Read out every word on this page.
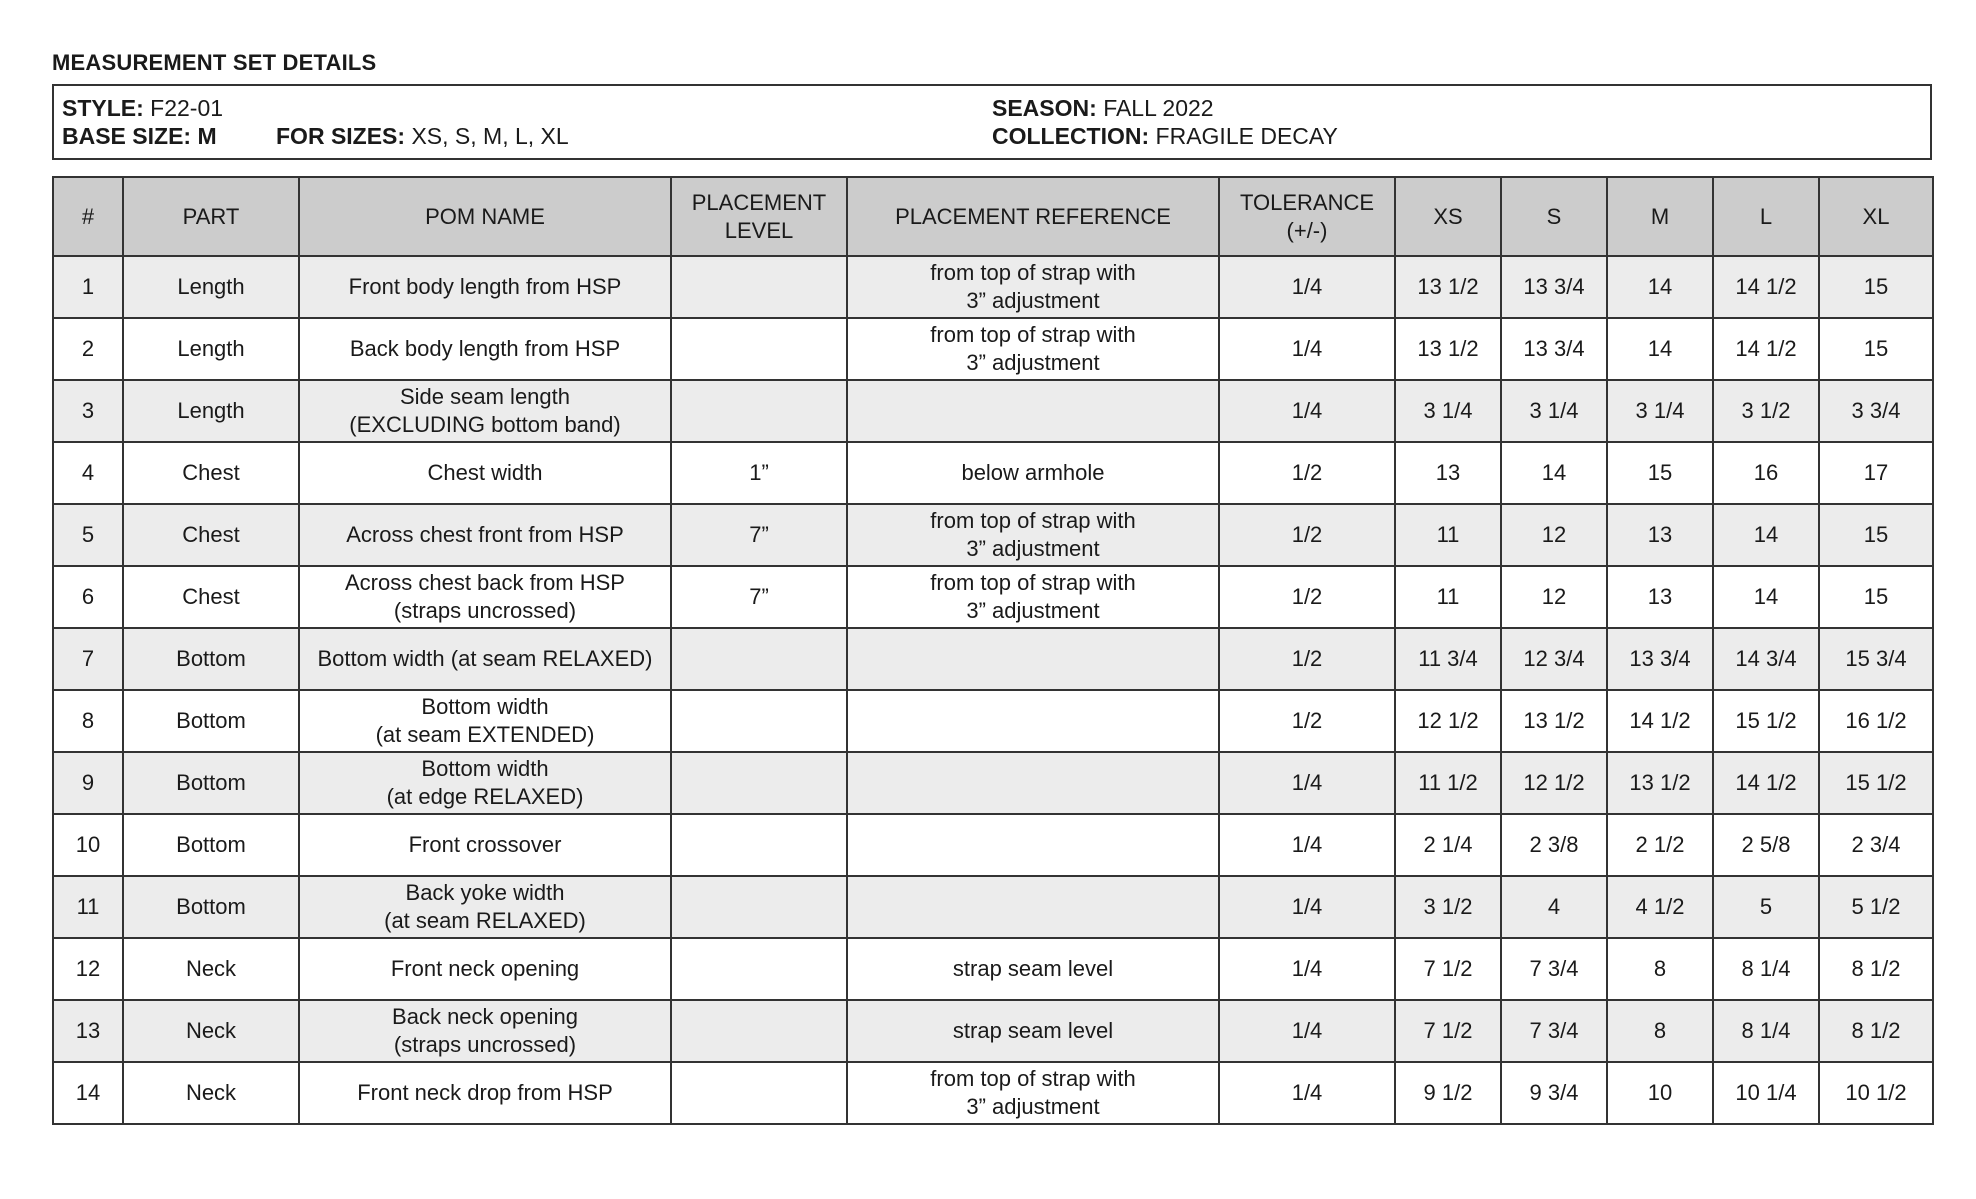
MEASUREMENT SET DETAILS
STYLE: F22-01
BASE SIZE: M	FOR SIZES: XS, S, M, L, XL
SEASON: FALL 2022
COLLECTION: FRAGILE DECAY
#	PART	POM NAME	PLACEMENT
LEVEL	PLACEMENT REFERENCE	TOLERANCE
(+/-)	XS	S	M	L	XL

1	Length	Front body length from HSP		from top of strap with
3” adjustment	1/4	13 1/2	13 3/4	14	14 1/2	15
2	Length	Back body length from HSP		from top of strap with
3” adjustment	1/4	13 1/2	13 3/4	14	14 1/2	15
3	Length	Side seam length
(EXCLUDING bottom band)			1/4	3 1/4	3 1/4	3 1/4	3 1/2	3 3/4
4	Chest	Chest width	1”	below armhole	1/2	13	14	15	16	17
5	Chest	Across chest front from HSP	7”	from top of strap with
3” adjustment	1/2	11	12	13	14	15
6	Chest	Across chest back from HSP
(straps uncrossed)	7”	from top of strap with
3” adjustment	1/2	11	12	13	14	15
7	Bottom	Bottom width (at seam RELAXED)			1/2	11 3/4	12 3/4	13 3/4	14 3/4	15 3/4
8	Bottom	Bottom width
(at seam EXTENDED)			1/2	12 1/2	13 1/2	14 1/2	15 1/2	16 1/2
9	Bottom	Bottom width
(at edge RELAXED)			1/4	11 1/2	12 1/2	13 1/2	14 1/2	15 1/2
10	Bottom	Front crossover			1/4	2 1/4	2 3/8	2 1/2	2 5/8	2 3/4
11	Bottom	Back yoke width
(at seam RELAXED)			1/4	3 1/2	4	4 1/2	5	5 1/2
12	Neck	Front neck opening		strap seam level	1/4	7 1/2	7 3/4	8	8 1/4	8 1/2
13	Neck	Back neck opening
(straps uncrossed)		strap seam level	1/4	7 1/2	7 3/4	8	8 1/4	8 1/2
14	Neck	Front neck drop from HSP		from top of strap with
3” adjustment	1/4	9 1/2	9 3/4	10	10 1/4	10 1/2
